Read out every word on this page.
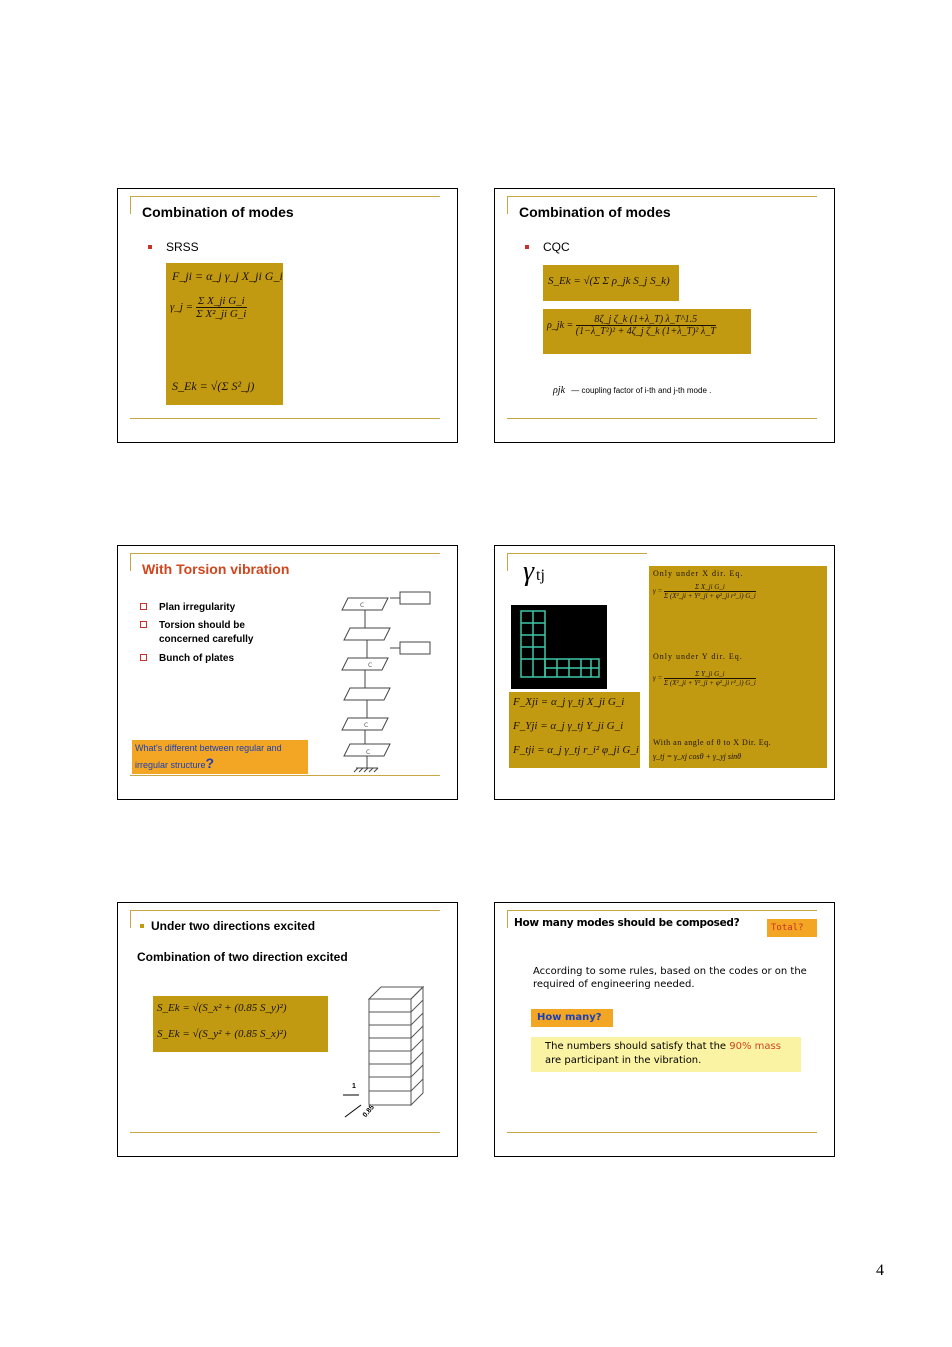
Combination of modes
SRSS
F_ji = α_j γ_j X_ji G_i
γ_j = $\frac{\text{Σ X\_ji G\_i}}{\text{Σ X²\_ji G\_i}}$
S_Ek = √(Σ S²_j)
Combination of modes
CQC
S_Ek = √(Σ Σ ρ_jk S_j S_k)
ρ_jk = $\frac{\text{8ζ\_j ζ\_k (1+λ\_T) λ\_T\textasciicircum{}1.5}}{\text{(1−λ\_T²)² + 4ζ\_j ζ\_k (1+λ\_T)² λ\_T}}$
ρjk — coupling factor of i-th and j-th mode .
With Torsion vibration
Plan irregularity
Torsion should be concerned carefully
Bunch of plates
What's different between regular and irregular structure?
C
C
C
C
γtj
F_Xji = α_j γ_tj X_ji G_i
F_Yji = α_j γ_tj Y_ji G_i
F_tji = α_j γ_tj r_i² φ_ji G_i
Only under X dir. Eq.
$\gamma = \frac{\text{Σ X\_ji G\_i}}{\text{Σ (X²\_ji + Y²\_ji + φ²\_ji r²\_i) G\_i}}$
Only under Y dir. Eq.
$\gamma = \frac{\text{Σ Y\_ji G\_i}}{\text{Σ (X²\_ji + Y²\_ji + φ²\_ji r²\_i) G\_i}}$
With an angle of θ to X Dir. Eq.
γ_tj = γ_xj cosθ + γ_yj sinθ
Under two directions excited
Combination of two direction excited
S_Ek = √(S_x² + (0.85 S_y)²)
S_Ek = √(S_y² + (0.85 S_x)²)
1
0.85
How many modes should be composed?	Total?
According to some rules, based on the codes or on the required of engineering needed.
How many?
The numbers should satisfy that the 90% mass are participant in the vibration.
4
